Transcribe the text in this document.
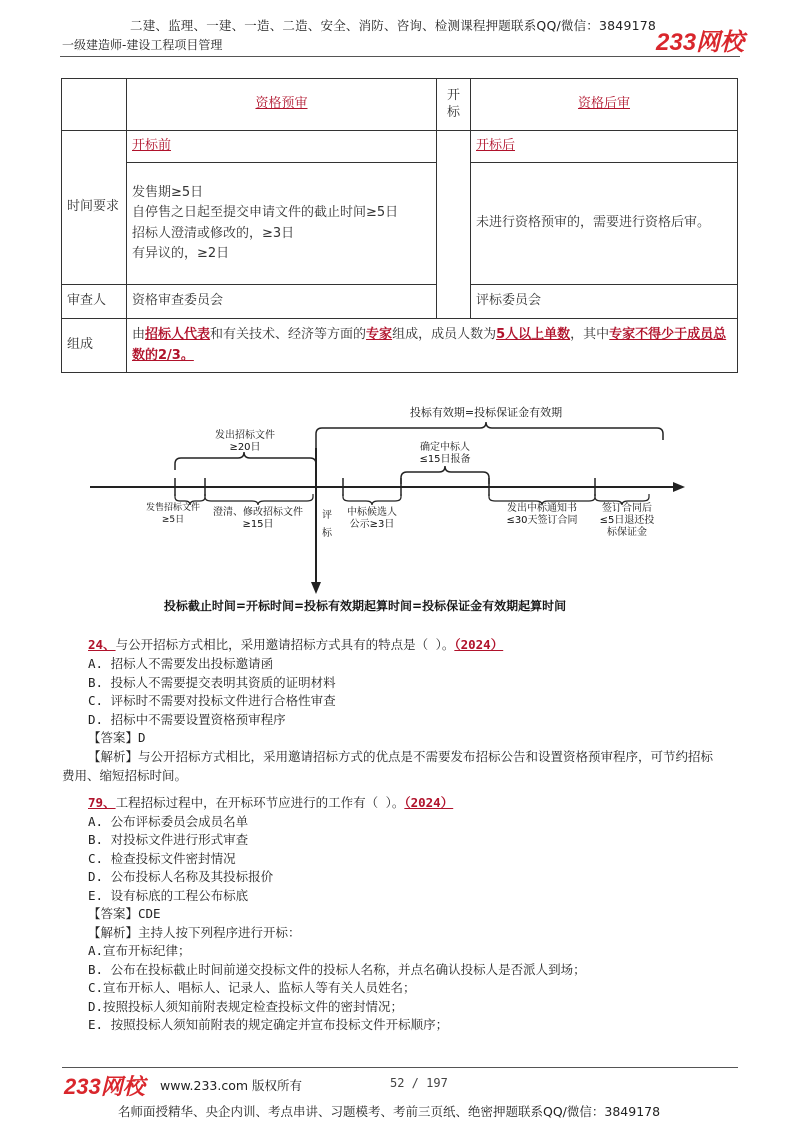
二建、监理、一建、一造、二造、安全、消防、咨询、检测课程押题联系QQ/微信：3849178
一级建造师-建设工程项目管理	233网校
	资格预审	开标	资格后审
时间要求	开标前		开标后

	发售期≥5日
自停售之日起至提交申请文件的截止时间≥5日
招标人澄清或修改的，≥3日
有异议的，≥2日		未进行资格预审的，需要进行资格后审。
审查人	资格审查委员会		评标委员会
组成	由招标人代表和有关技术、经济等方面的专家组成，成员人数为5人以上单数，其中专家不得少于成员总数的2/3。		
投标有效期=投标保证金有效期
发出招标文件
≥20日	确定中标人
≤15日报备
发售招标文件
≥5日
澄清、修改招标文件
≥15日
评
标
中标候选人
公示≥3日
发出中标通知书
≤30天签订合同
签订合同后
≤5日退还投
标保证金
投标截止时间=开标时间=投标有效期起算时间=投标保证金有效期起算时间
24、与公开招标方式相比，采用邀请招标方式具有的特点是（ ）。（2024）
A. 招标人不需要发出投标邀请函
B. 投标人不需要提交表明其资质的证明材料
C. 评标时不需要对投标文件进行合格性审查
D. 招标中不需要设置资格预审程序
【答案】D
【解析】与公开招标方式相比，采用邀请招标方式的优点是不需要发布招标公告和设置资格预审程序，可节约招标费用、缩短招标时间。
79、工程招标过程中，在开标环节应进行的工作有（ ）。（2024）
A. 公布评标委员会成员名单
B. 对投标文件进行形式审查
C. 检查投标文件密封情况
D. 公布投标人名称及其投标报价
E. 设有标底的工程公布标底
【答案】CDE
【解析】主持人按下列程序进行开标：
A.宣布开标纪律；
B. 公布在投标截止时间前递交投标文件的投标人名称，并点名确认投标人是否派人到场；
C.宣布开标人、唱标人、记录人、监标人等有关人员姓名；
D.按照投标人须知前附表规定检查投标文件的密封情况；
E. 按照投标人须知前附表的规定确定并宣布投标文件开标顺序；
233网校 www.233.com 版权所有	52 / 197
名师面授精华、央企内训、考点串讲、习题模考、考前三页纸、绝密押题联系QQ/微信：3849178
